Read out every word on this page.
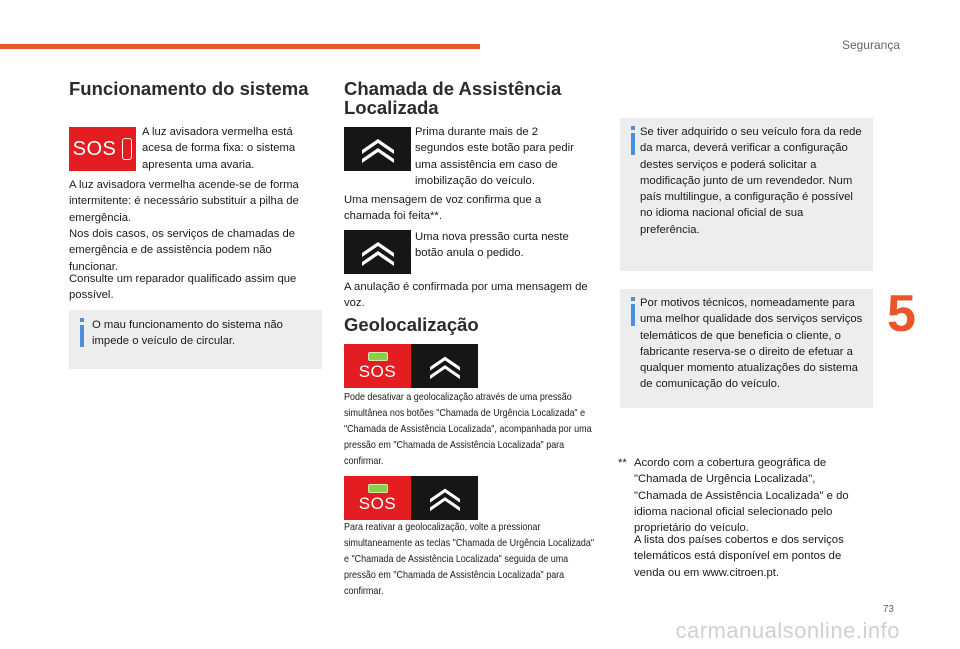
Segurança
Funcionamento do sistema
SOS

A luz avisadora vermelha está acesa de forma fixa: o sistema apresenta uma avaria.

A luz avisadora vermelha acende-se de forma intermitente: é necessário substituir a pilha de emergência.

Nos dois casos, os serviços de chamadas de emergência e de assistência podem não funcionar.

Consulte um reparador qualificado assim que possível.

O mau funcionamento do sistema não impede o veículo de circular.

Chamada de Assistência Localizada

Prima durante mais de 2 segundos este botão para pedir uma assistência em caso de imobilização do veículo.

Uma mensagem de voz confirma que a chamada foi feita**.

Uma nova pressão curta neste botão anula o pedido.

A anulação é confirmada por uma mensagem de voz.

Geolocalização
SOS

Pode desativar a geolocalização através de uma pressão simultânea nos botões "Chamada de Urgência Localizada" e "Chamada de Assistência Localizada", acompanhada por uma pressão em "Chamada de Assistência Localizada" para confirmar.

SOS

Para reativar a geolocalização, volte a pressionar simultaneamente as teclas "Chamada de Urgência Localizada" e "Chamada de Assistência Localizada" seguida de uma pressão em "Chamada de Assistência Localizada" para confirmar.

Se tiver adquirido o seu veículo fora da rede da marca, deverá verificar a configuração destes serviços e poderá solicitar a modificação junto de um revendedor. Num país multilingue, a configuração é possível no idioma nacional oficial de sua preferência.

Por motivos técnicos, nomeadamente para uma melhor qualidade dos serviços serviços telemáticos de que beneficia o cliente, o fabricante reserva-se o direito de efetuar a qualquer momento atualizações do sistema de comunicação do veículo.

** Acordo com a cobertura geográfica de "Chamada de Urgência Localizada", "Chamada de Assistência Localizada" e do idioma nacional oficial selecionado pelo proprietário do veículo.

A lista dos países cobertos e dos serviços telemáticos está disponível em pontos de venda ou em www.citroen.pt.

5
73
carmanualsonline.info
